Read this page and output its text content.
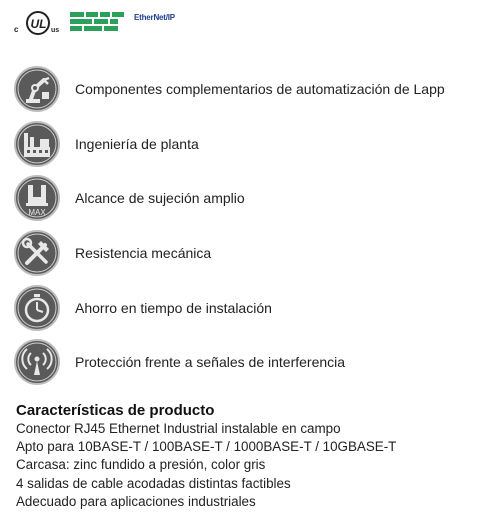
c UL us
EtherNet/IP
Componentes complementarios de automatización de Lapp
Ingeniería de planta
MAX
Alcance de sujeción amplio
Resistencia mecánica
Ahorro en tiempo de instalación
Protección frente a señales de interferencia
Características de producto
Conector RJ45 Ethernet Industrial instalable en campo
Apto para 10BASE-T / 100BASE-T / 1000BASE-T / 10GBASE-T
Carcasa: zinc fundido a presión, color gris
4 salidas de cable acodadas distintas factibles
Adecuado para aplicaciones industriales
